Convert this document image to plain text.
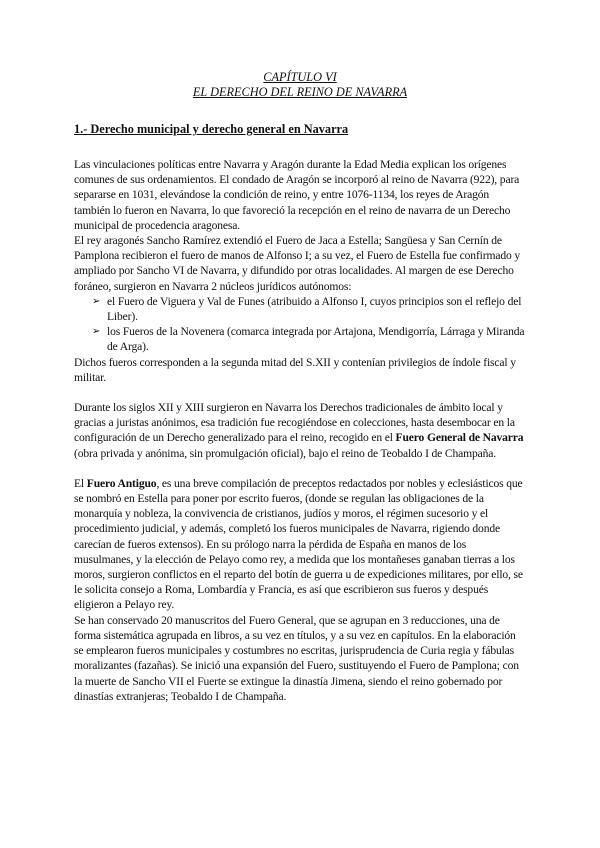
CAPÍTULO VI
EL DERECHO DEL REINO DE NAVARRA
1.- Derecho municipal y derecho general en Navarra

Las vinculaciones políticas entre Navarra y Aragón durante la Edad Media explican los orígenes comunes de sus ordenamientos. El condado de Aragón se incorporó al reino de Navarra (922), para separarse en 1031, elevándose la condición de reino, y entre 1076-1134, los reyes de Aragón también lo fueron en Navarra, lo que favoreció la recepción en el reino de navarra de un Derecho municipal de procedencia aragonesa.

El rey aragonés Sancho Ramírez extendió el Fuero de Jaca a Estella; Sangüesa y San Cernín de Pamplona recibieron el fuero de manos de Alfonso I; a su vez, el Fuero de Estella fue confirmado y ampliado por Sancho VI de Navarra, y difundido por otras localidades. Al margen de ese Derecho foráneo, surgieron en Navarra 2 núcleos jurídicos autónomos:

➢ el Fuero de Viguera y Val de Funes (atribuido a Alfonso I, cuyos principios son el reflejo del Liber).
➢ los Fueros de la Novenera (comarca integrada por Artajona, Mendigorría, Lárraga y Miranda de Arga).

Dichos fueros corresponden a la segunda mitad del S.XII y contenían privilegios de índole fiscal y militar.

Durante los siglos XII y XIII surgieron en Navarra los Derechos tradicionales de ámbito local y gracias a juristas anónimos, esa tradición fue recogiéndose en colecciones, hasta desembocar en la configuración de un Derecho generalizado para el reino, recogido en el Fuero General de Navarra (obra privada y anónima, sin promulgación oficial), bajo el reino de Teobaldo I de Champaña.

El Fuero Antiguo, es una breve compilación de preceptos redactados por nobles y eclesiásticos que se nombró en Estella para poner por escrito fueros, (donde se regulan las obligaciones de la monarquía y nobleza, la convivencia de cristianos, judíos y moros, el régimen sucesorio y el procedimiento judicial, y además, completó los fueros municipales de Navarra, rigiendo donde carecían de fueros extensos). En su prólogo narra la pérdida de España en manos de los musulmanes, y la elección de Pelayo como rey, a medida que los montañeses ganaban tierras a los moros, surgieron conflictos en el reparto del botín de guerra u de expediciones militares, por ello, se le solicita consejo a Roma, Lombardía y Francia, es así que escribieron sus fueros y después eligieron a Pelayo rey.

Se han conservado 20 manuscritos del Fuero General, que se agrupan en 3 reducciones, una de forma sistemática agrupada en libros, a su vez en títulos, y a su vez en capítulos. En la elaboración se emplearon fueros municipales y costumbres no escritas, jurisprudencia de Curia regia y fábulas moralizantes (fazañas). Se inició una expansión del Fuero, sustituyendo el Fuero de Pamplona; con la muerte de Sancho VII el Fuerte se extingue la dinastía Jimena, siendo el reino gobernado por dinastías extranjeras; Teobaldo I de Champaña.
